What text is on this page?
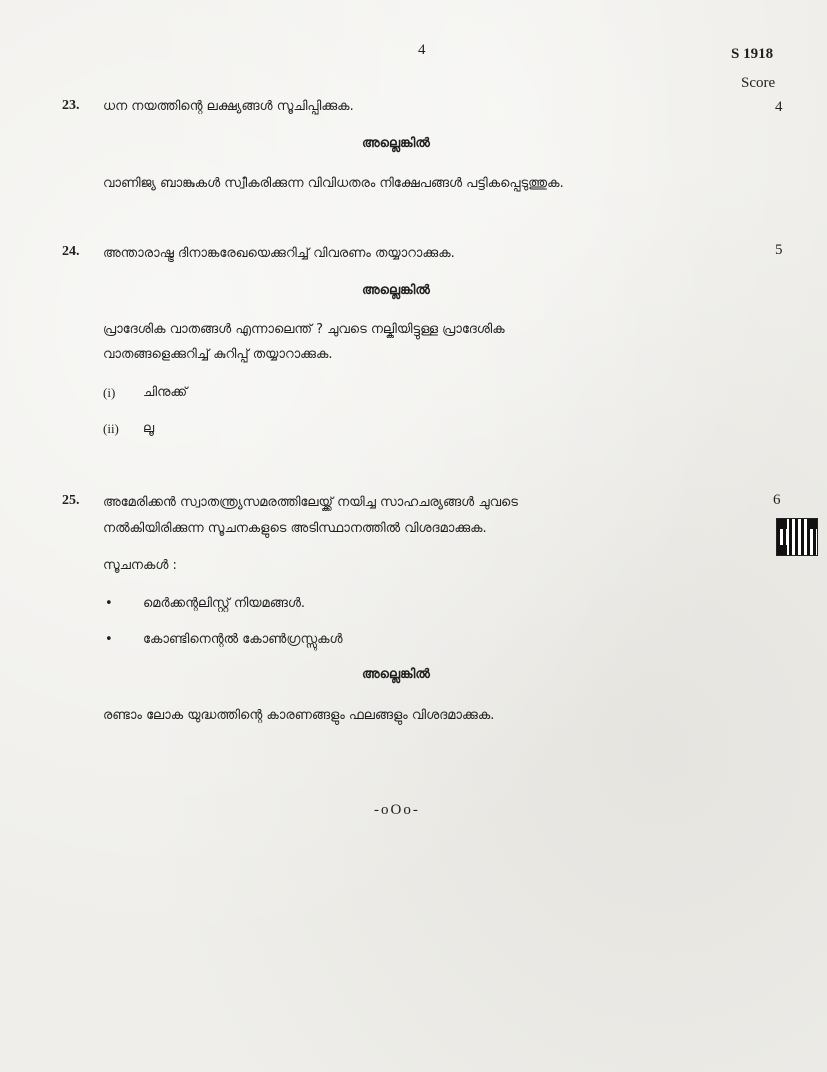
4	S 1918
Score
23. ധന നയത്തിന്റെ ലക്ഷ്യങ്ങൾ സൂചിപ്പിക്കുക.	4
അല്ലെങ്കിൽ
വാണിജ്യ ബാങ്കുകൾ സ്വീകരിക്കുന്ന വിവിധതരം നിക്ഷേപങ്ങൾ പട്ടികപ്പെടുത്തുക.
24. അന്താരാഷ്ട്ര ദിനാങ്കരേഖയെക്കുറിച്ച് വിവരണം തയ്യാറാക്കുക.	5
അല്ലെങ്കിൽ
പ്രാദേശിക വാതങ്ങൾ എന്നാലെന്ത് ? ചുവടെ നല്കിയിട്ടുള്ള പ്രാദേശിക
വാതങ്ങളെക്കുറിച്ച് കുറിപ്പ് തയ്യാറാക്കുക.
(i) ചിനുക്ക്
(ii) ലൂ
25. അമേരിക്കൻ സ്വാതന്ത്ര്യസമരത്തിലേയ്ക്ക് നയിച്ച സാഹചര്യങ്ങൾ ചുവടെ	6
നൽകിയിരിക്കുന്ന സൂചനകളുടെ അടിസ്ഥാനത്തിൽ വിശദമാക്കുക.
സൂചനകൾ :
• മെർക്കന്റലിസ്റ്റ് നിയമങ്ങൾ.
• കോണ്ടിനെന്റൽ കോൺഗ്രസ്സുകൾ
അല്ലെങ്കിൽ
രണ്ടാം ലോക യുദ്ധത്തിന്റെ കാരണങ്ങളും ഫലങ്ങളും വിശദമാക്കുക.
-oOo-
